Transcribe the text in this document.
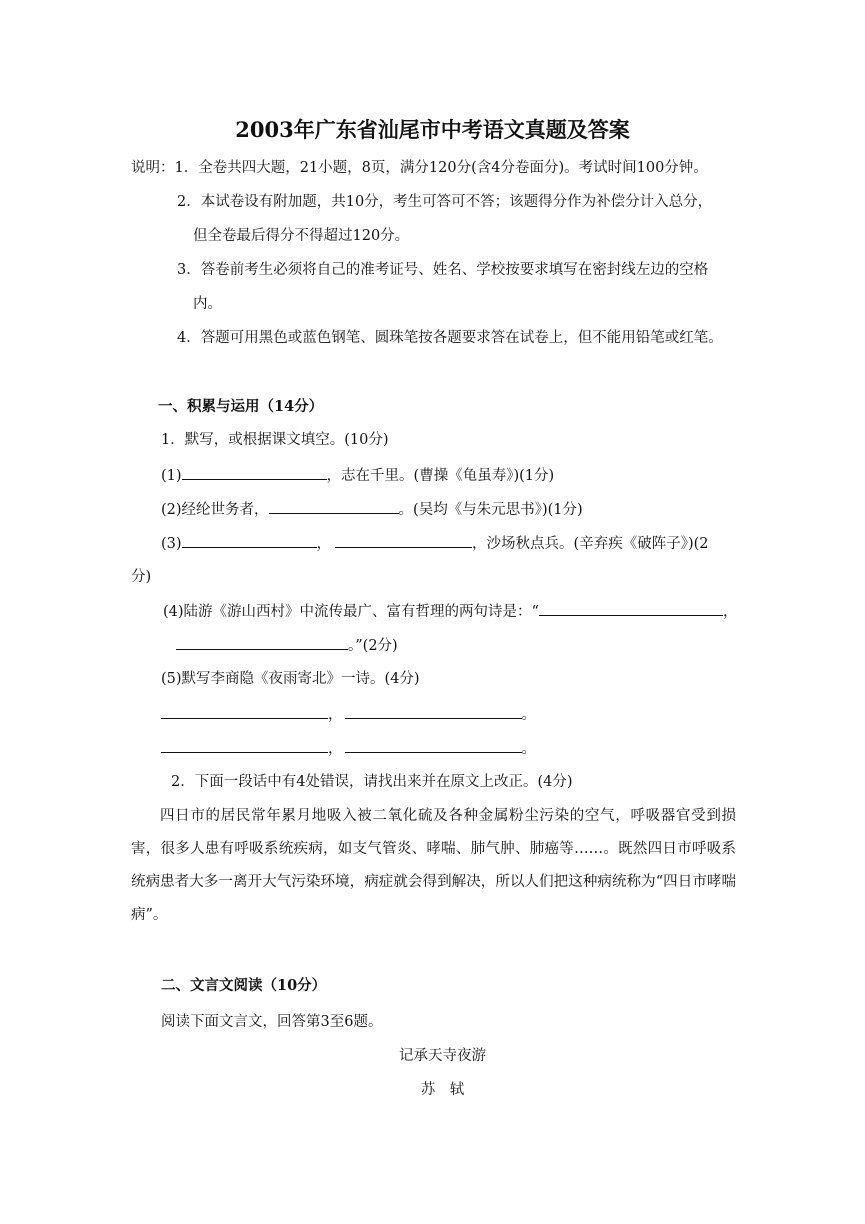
2003年广东省汕尾市中考语文真题及答案
说明：1．全卷共四大题，21小题，8页，满分120分(含4分卷面分)。考试时间100分钟。
2．本试卷设有附加题，共10分，考生可答可不答；该题得分作为补偿分计入总分，
但全卷最后得分不得超过120分。
3．答卷前考生必须将自己的准考证号、姓名、学校按要求填写在密封线左边的空格
内。
4．答题可用黑色或蓝色钢笔、圆珠笔按各题要求答在试卷上，但不能用铅笔或红笔。
一、积累与运用（14分）
1．默写，或根据课文填空。(10分)
(1)	，志在千里。(曹操《龟虽寿》)(1分)
(2)经纶世务者，	。(吴均《与朱元思书》)(1分)
(3)	，	，沙场秋点兵。(辛弃疾《破阵子》)(2
分)
(4)陆游《游山西村》中流传最广、富有哲理的两句诗是：“	，
。”(2分)
(5)默写李商隐《夜雨寄北》一诗。(4分)
，	。
，	。
2．下面一段话中有4处错误，请找出来并在原文上改正。(4分)
四日市的居民常年累月地吸入被二氧化硫及各种金属粉尘污染的空气，呼吸器官受到损害，很多人患有呼吸系统疾病，如支气管炎、哮喘、肺气肿、肺癌等……。既然四日市呼吸系统病患者大多一离开大气污染环境，病症就会得到解决，所以人们把这种病统称为“四日市哮喘病”。
二、文言文阅读（10分）
阅读下面文言文，回答第3至6题。
记承天寺夜游
苏　轼
